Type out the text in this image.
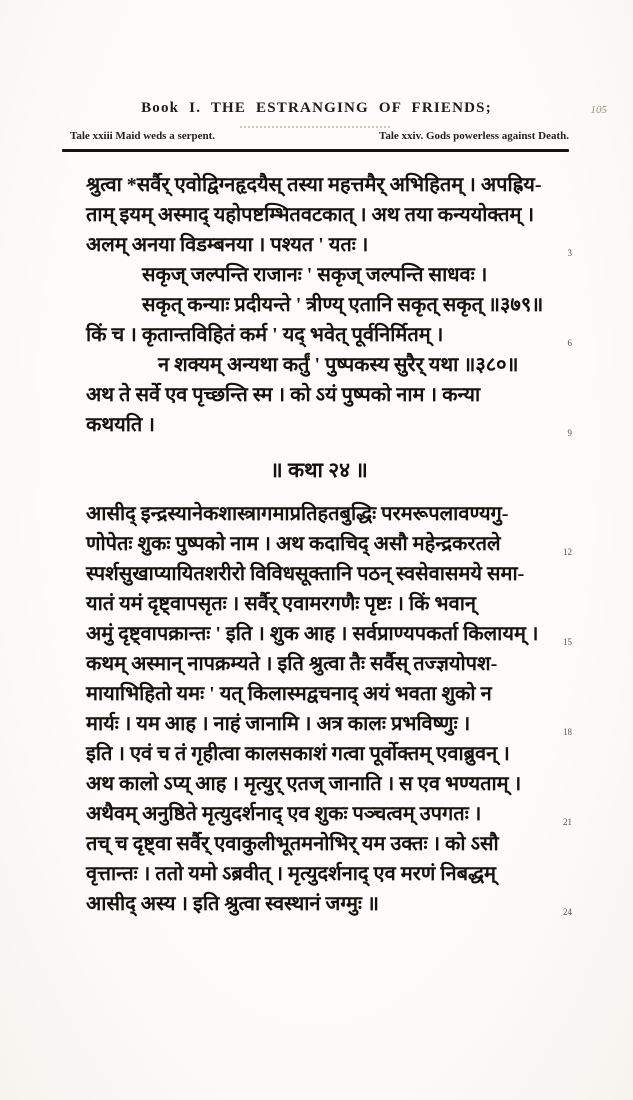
Book I. THE ESTRANGING OF FRIENDS;	105
Tale xxiii Maid weds a serpent.	Tale xxiv. Gods powerless against Death.
श्रुत्वा *सर्वैर् एवोद्विग्नहृदयैस् तस्या महत्तमैर् अभिहितम् । अपह्रिय-
ताम् इयम् अस्माद् यहोपष्टम्भितवटकात् । अथ तया कन्ययोक्तम् ।
अलम् अनया विडम्बनया । पश्यत ' यतः ।	3
सकृज् जल्पन्ति राजानः ' सकृज् जल्पन्ति साधवः ।
सकृत् कन्याः प्रदीयन्ते ' त्रीण्य् एतानि सकृत् सकृत् ॥३७९॥
किं च । कृतान्तविहितं कर्म ' यद् भवेत् पूर्वनिर्मितम् ।	6
न शक्यम् अन्यथा कर्तुं ' पुष्पकस्य सुरैर् यथा ॥३८०॥
अथ ते सर्वे एव पृच्छन्ति स्म । को ऽयं पुष्पको नाम । कन्या
कथयति ।	9
॥ कथा २४ ॥
आसीद् इन्द्रस्यानेकशास्त्रागमाप्रतिहतबुद्धिः परमरूपलावण्यगु-
णोपेतः शुकः पुष्पको नाम । अथ कदाचिद् असौ महेन्द्रकरतले	12
स्पर्शसुखाप्यायितशरीरो विविधसूक्तानि पठन् स्वसेवासमये समा-
यातं यमं दृष्ट्वापसृतः । सर्वैर् एवामरगणैः पृष्टः । किं भवान्
अमुं दृष्ट्वापक्रान्तः ' इति । शुक आह । सर्वप्राण्यपकर्ता किलायम् ।	15
कथम् अस्मान् नापक्रम्यते । इति श्रुत्वा तैः सर्वैस् तज्ज्ञयोपश-
मायाभिहितो यमः ' यत् किलास्मद्वचनाद् अयं भवता शुको न
मार्यः । यम आह । नाहं जानामि । अत्र कालः प्रभविष्णुः ।	18
इति । एवं च तं गृहीत्वा कालसकाशं गत्वा पूर्वोक्तम् एवाब्रुवन् ।
अथ कालो ऽप्य् आह । मृत्युर् एतज् जानाति । स एव भण्यताम् ।
अथैवम् अनुष्ठिते मृत्युदर्शनाद् एव शुकः पञ्चत्वम् उपगतः ।	21
तच् च दृष्ट्वा सर्वैर् एवाकुलीभूतमनोभिर् यम उक्तः । को ऽसौ
वृत्तान्तः । ततो यमो ऽब्रवीत् । मृत्युदर्शनाद् एव मरणं निबद्धम्
आसीद् अस्य । इति श्रुत्वा स्वस्थानं जग्मुः ॥	24
